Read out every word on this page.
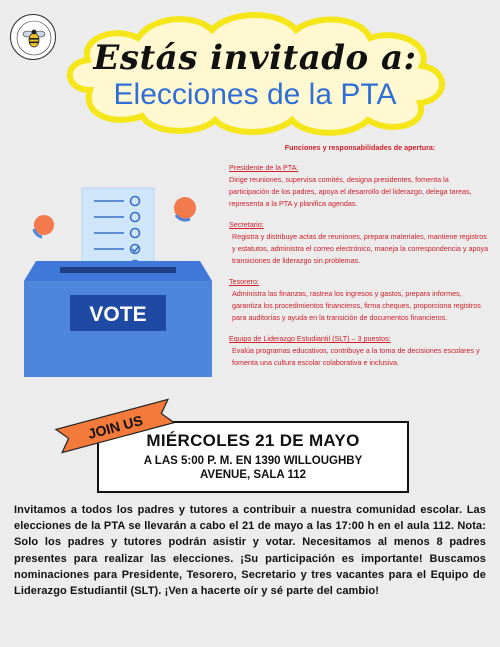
Estás invitado a:
Elecciones de la PTA
VOTE
Funciones y responsabilidades de apertura:
Presidente de la PTA:
Dirige reuniones, supervisa comités, designa presidentes, fomenta la participación de los padres, apoya el desarrollo del liderazgo, delega tareas, representa a la PTA y planifica agendas.
Secretario:
Registra y distribuye actas de reuniones, prepara materiales, mantiene registros y estatutos, administra el correo electrónico, maneja la correspondencia y apoya transiciones de liderazgo sin problemas.
Tesorero:
Administra las finanzas, rastrea los ingresos y gastos, prepara informes, garantiza los procedimientos financieros, firma cheques, proporciona registros para auditorías y ayuda en la transición de documentos financieros.
Equipo de Liderazgo Estudiantil (SLT) – 3 puestos:
Evalúa programas educativos, contribuye a la toma de decisiones escolares y fomenta una cultura escolar colaborativa e inclusiva.
MIÉRCOLES 21 DE MAYO
A LAS 5:00 P. M. EN 1390 WILLOUGHBY AVENUE, SALA 112
JOIN US
Invitamos a todos los padres y tutores a contribuir a nuestra comunidad escolar. Las elecciones de la PTA se llevarán a cabo el 21 de mayo a las 17:00 h en el aula 112. Nota: Solo los padres y tutores podrán asistir y votar. Necesitamos al menos 8 padres presentes para realizar las elecciones. ¡Su participación es importante! Buscamos nominaciones para Presidente, Tesorero, Secretario y tres vacantes para el Equipo de Liderazgo Estudiantil (SLT). ¡Ven a hacerte oír y sé parte del cambio!
